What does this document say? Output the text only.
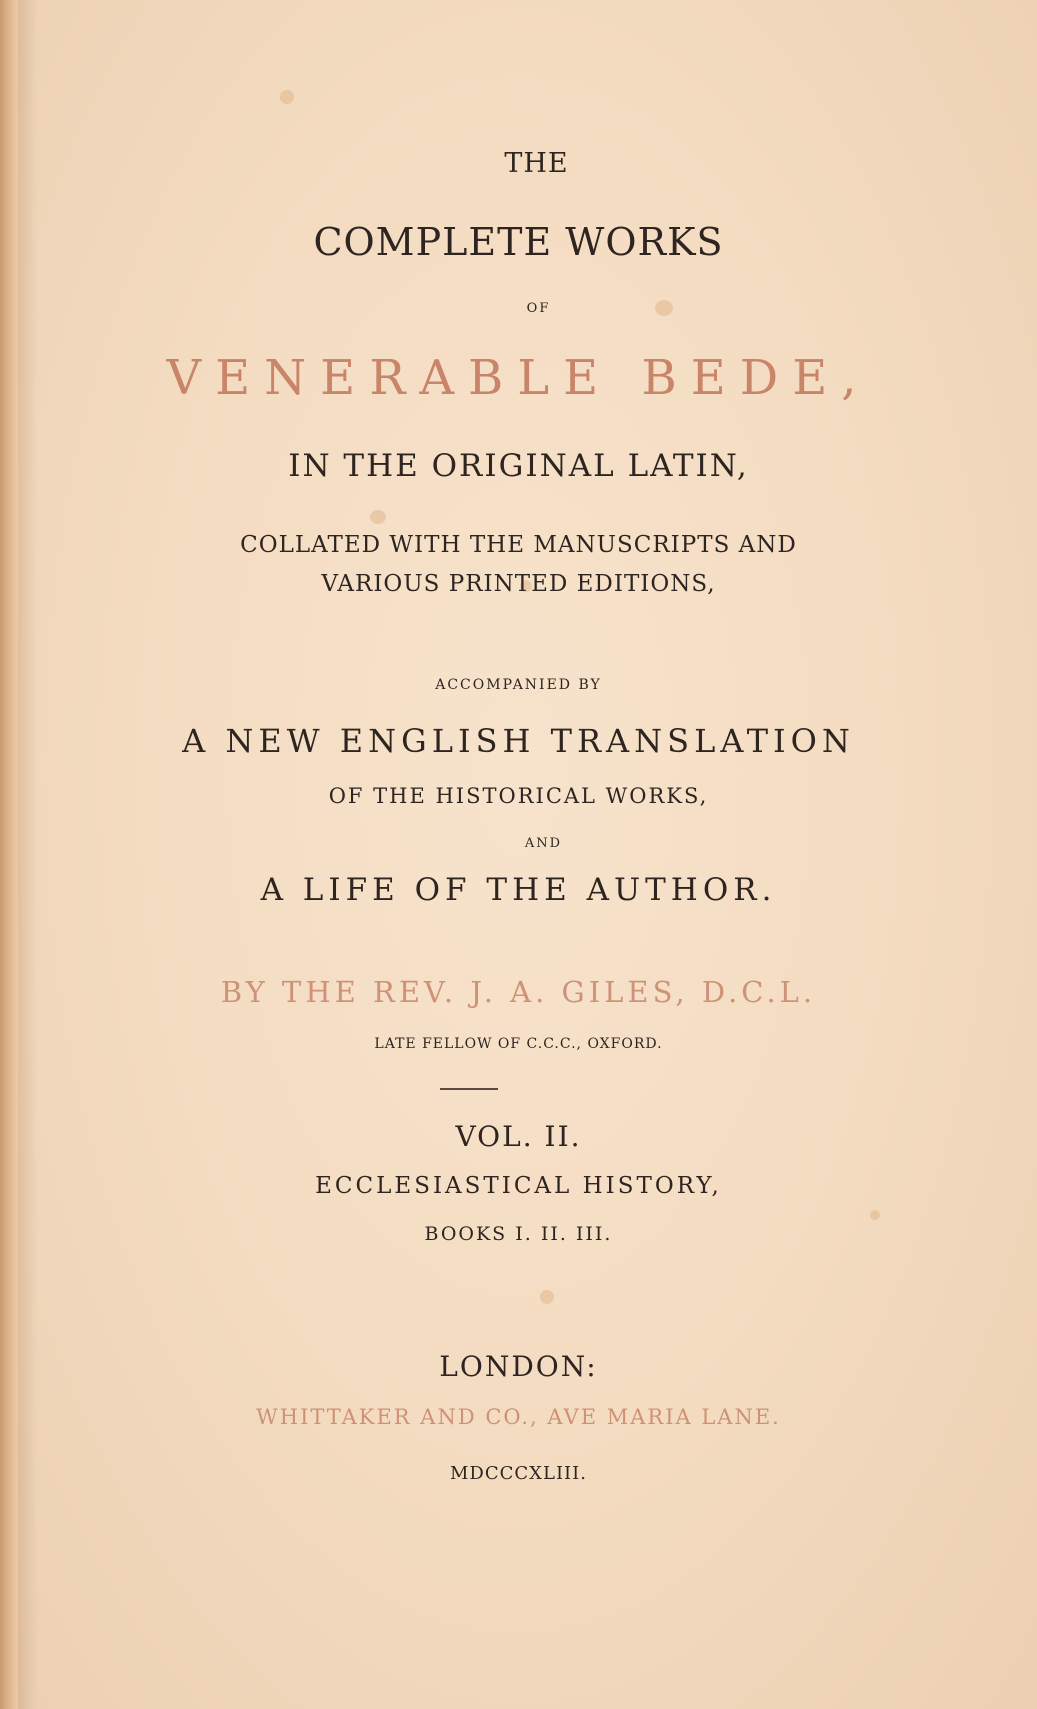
THE
COMPLETE WORKS
OF
VENERABLE BEDE,
IN THE ORIGINAL LATIN,
COLLATED WITH THE MANUSCRIPTS AND
VARIOUS PRINTED EDITIONS,
ACCOMPANIED BY
A NEW ENGLISH TRANSLATION
OF THE HISTORICAL WORKS,
AND
A LIFE OF THE AUTHOR.
BY THE REV. J. A. GILES, D.C.L.
LATE FELLOW OF C.C.C., OXFORD.
VOL. II.
ECCLESIASTICAL HISTORY,
BOOKS I. II. III.
LONDON:
WHITTAKER AND CO., AVE MARIA LANE.
MDCCCXLIII.
